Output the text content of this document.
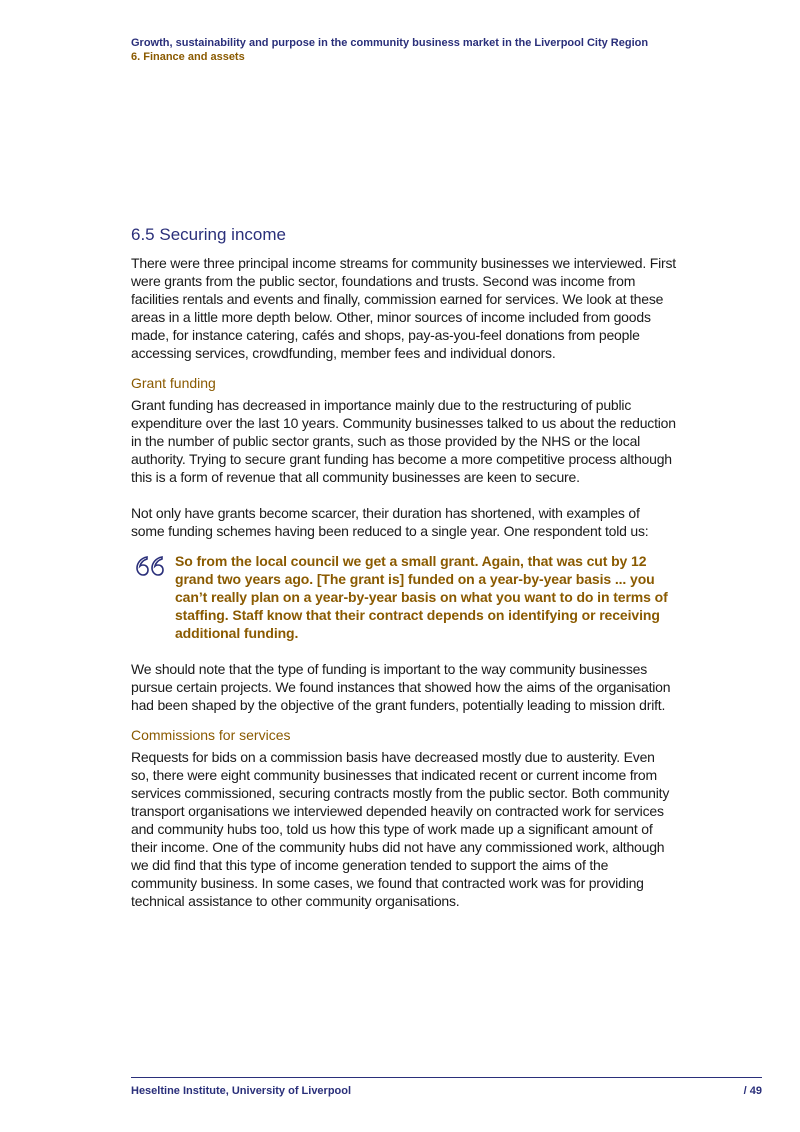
Growth, sustainability and purpose in the community business market in the Liverpool City Region
6. Finance and assets
6.5 Securing income

There were three principal income streams for community businesses we interviewed. First were grants from the public sector, foundations and trusts. Second was income from facilities rentals and events and finally, commission earned for services. We look at these areas in a little more depth below. Other, minor sources of income included from goods made, for instance catering, cafés and shops, pay-as-you-feel donations from people accessing services, crowdfunding, member fees and individual donors.

Grant funding

Grant funding has decreased in importance mainly due to the restructuring of public expenditure over the last 10 years. Community businesses talked to us about the reduction in the number of public sector grants, such as those provided by the NHS or the local authority. Trying to secure grant funding has become a more competitive process although this is a form of revenue that all community businesses are keen to secure.

Not only have grants become scarcer, their duration has shortened, with examples of some funding schemes having been reduced to a single year. One respondent told us:

So from the local council we get a small grant. Again, that was cut by 12 grand two years ago. [The grant is] funded on a year-by-year basis ... you can’t really plan on a year-by-year basis on what you want to do in terms of staffing. Staff know that their contract depends on identifying or receiving additional funding.

We should note that the type of funding is important to the way community businesses pursue certain projects. We found instances that showed how the aims of the organisation had been shaped by the objective of the grant funders, potentially leading to mission drift.

Commissions for services

Requests for bids on a commission basis have decreased mostly due to austerity. Even so, there were eight community businesses that indicated recent or current income from services commissioned, securing contracts mostly from the public sector. Both community transport organisations we interviewed depended heavily on contracted work for services and community hubs too, told us how this type of work made up a significant amount of their income. One of the community hubs did not have any commissioned work, although we did find that this type of income generation tended to support the aims of the community business. In some cases, we found that contracted work was for providing technical assistance to other community organisations.

Heseltine Institute, University of Liverpool	/ 49
